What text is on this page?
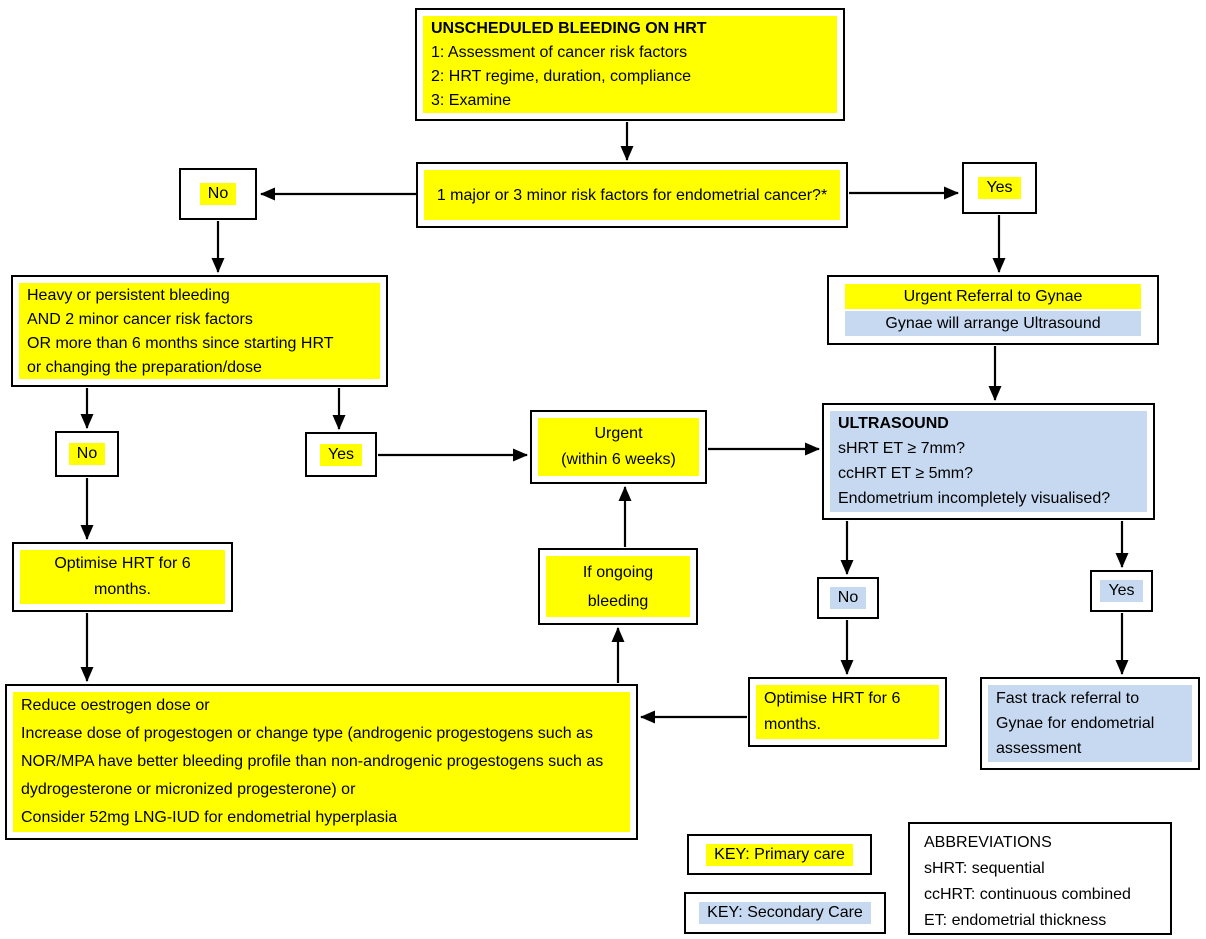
UNSCHEDULED BLEEDING ON HRT
1: Assessment of cancer risk factors
2: HRT regime, duration, compliance
3: Examine
1 major or 3 minor risk factors for endometrial cancer?*
No	Yes
Heavy or persistent bleeding
AND 2 minor cancer risk factors
OR more than 6 months since starting HRT
or changing the preparation/dose
Urgent Referral to Gynae
Gynae will arrange Ultrasound
ULTRASOUND
sHRT ET ≥ 7mm?
ccHRT ET ≥ 5mm?
Endometrium incompletely visualised?
No	Yes
Urgent
(within 6 weeks)
Optimise HRT for 6
months.
If ongoing
bleeding
Reduce oestrogen dose or
Increase dose of progestogen or change type (androgenic progestogens such as NOR/MPA have better bleeding profile than non-androgenic progestogens such as dydrogesterone or micronized progesterone) or
Consider 52mg LNG-IUD for endometrial hyperplasia
No	Yes
Optimise HRT for 6
months.
Fast track referral to Gynae for endometrial assessment
KEY: Primary care
KEY: Secondary Care
ABBREVIATIONS
sHRT: sequential
ccHRT: continuous combined
ET: endometrial thickness
